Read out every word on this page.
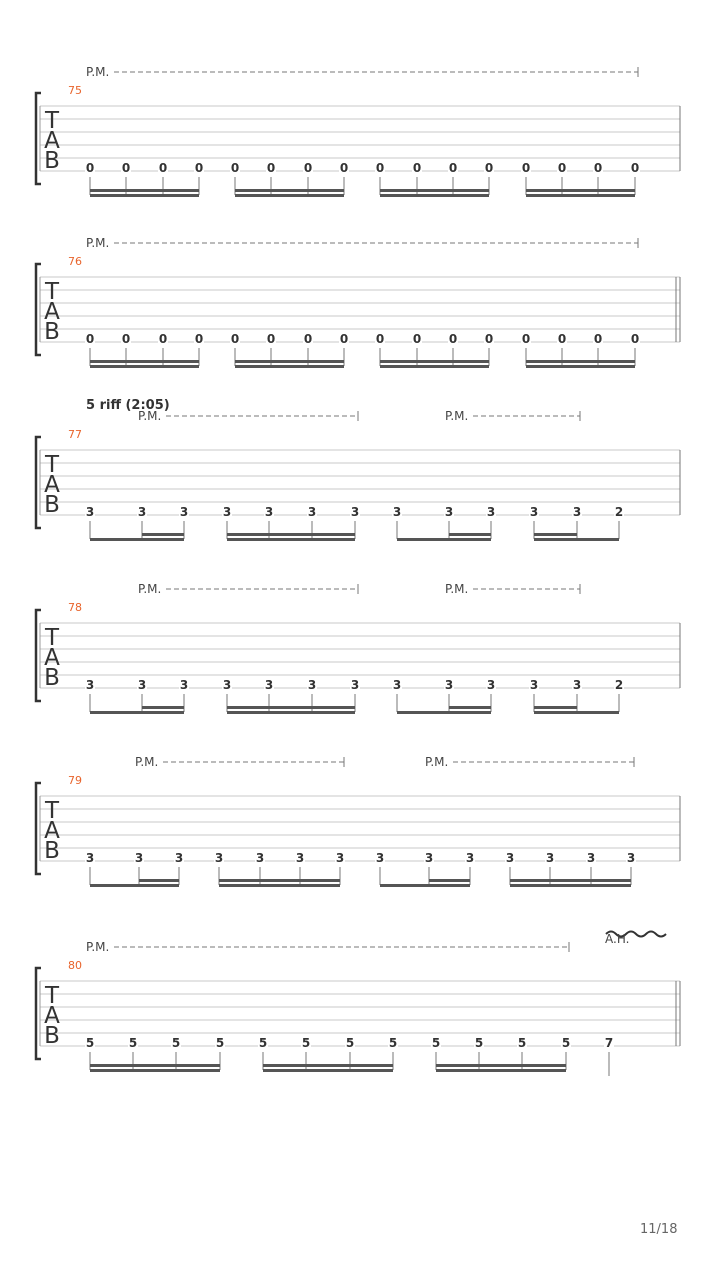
T
A
B
75
P.M.
0 0 0 0 0 0 0 0 0 0 0 0 0 0 0 0
T
A
B
76
P.M.
0 0 0 0 0 0 0 0 0 0 0 0 0 0 0 0
T
A
B
77
5 riff (2:05)
P.M.	P.M.
3	3	3	3	3	3	3	3	3	3	3	3	2
T
A
B
78
P.M.	P.M.
3	3	3	3	3	3	3	3	3	3	3	3	2
T
A
B
79
P.M.	P.M.
3	3	3	3	3	3	3	3	3	3	3	3	3	3
T
A
B
80
P.M.
A.H.
5	5	5	5	5	5	5	5	5	5	5	5	7
11/18
